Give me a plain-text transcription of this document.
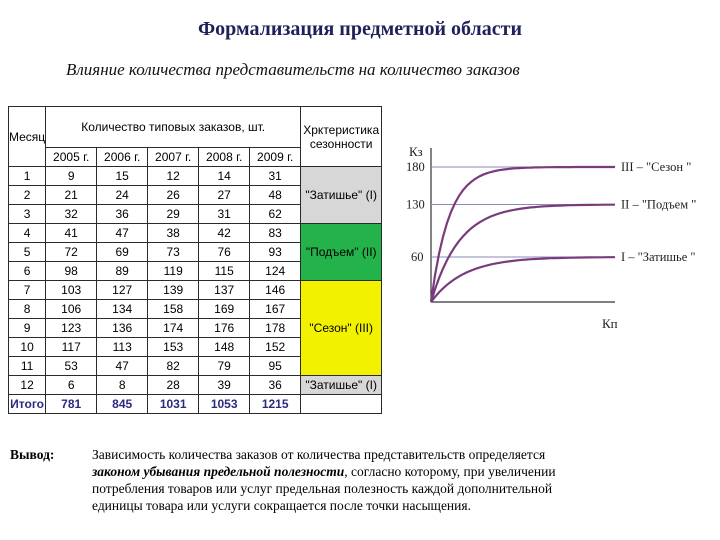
Формализация предметной области
Влияние количества представительств на количество заказов
Месяц	Количество типовых заказов, шт.					Хрктеристика сезонности
	2005 г.	2006 г.	2007 г.	2008 г.	2009 г.	
1	9	15	12	14	31	"Затишье" (I)
2	21	24	26	27	48	
3	32	36	29	31	62	
4	41	47	38	42	83	"Подъем" (II)
5	72	69	73	76	93	
6	98	89	119	115	124	
7	103	127	139	137	146	"Сезон" (III)
8	106	134	158	169	167	
9	123	136	174	176	178	
10	117	113	153	148	152	
11	53	47	82	79	95	
12	6	8	28	39	36	"Затишье" (I)
Итого	781	845	1031	1053	1215	
Кз
Кп
180
130
60
III – "Сезон "
II – "Подъем "
I – "Затишье "
Вывод:	Зависимость количества заказов от количества представительств определяется
законом убывания предельной полезности, согласно которому, при увеличении
потребления товаров или услуг предельная полезность каждой дополнительной
единицы товара или услуги сокращается после точки насыщения.
